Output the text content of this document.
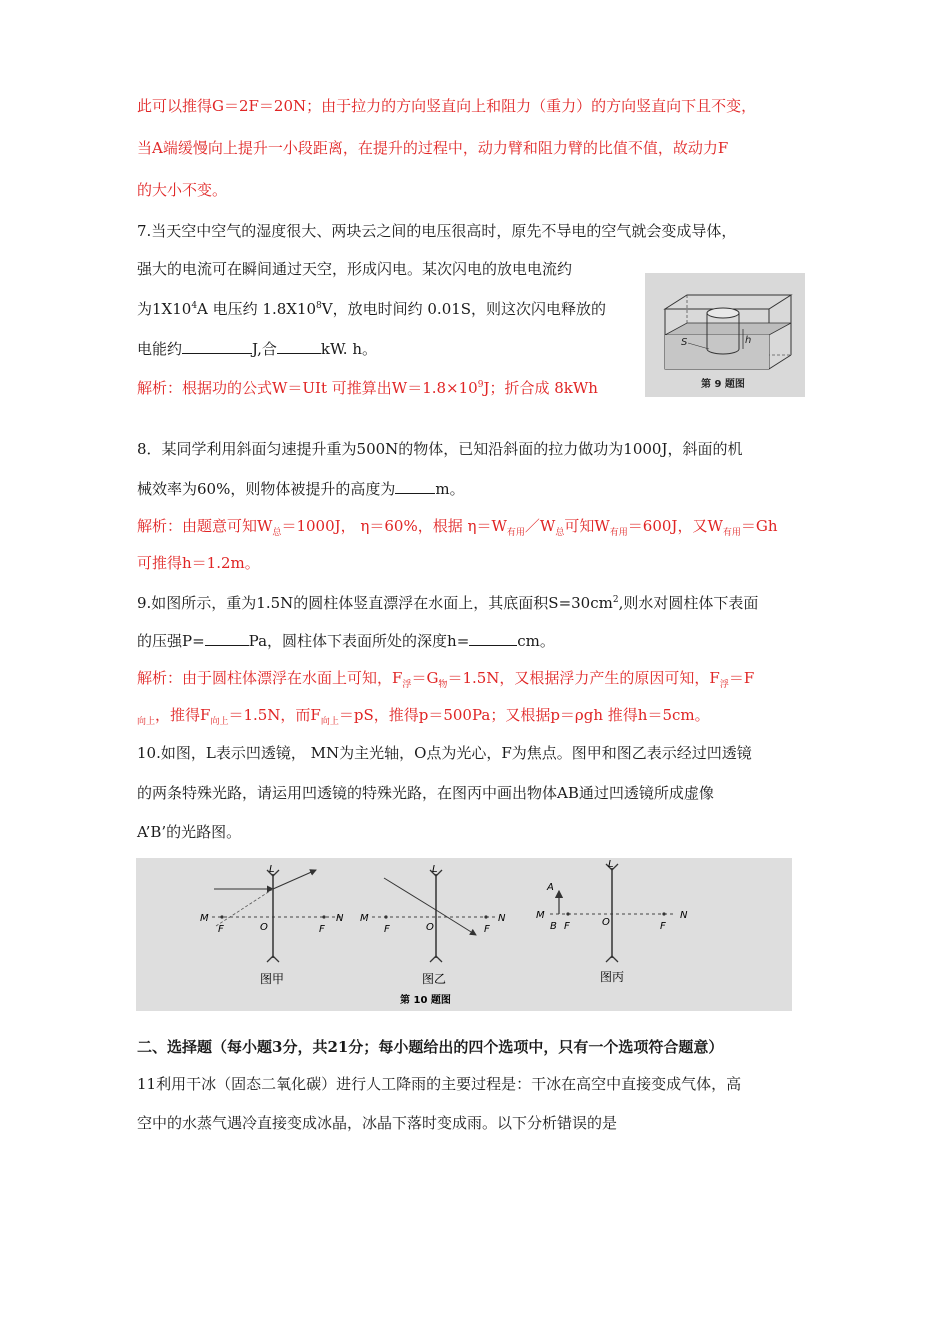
此可以推得G＝2F＝20N；由于拉力的方向竖直向上和阻力（重力）的方向竖直向下且不变，
当A端缓慢向上提升一小段距离，在提升的过程中，动力臂和阻力臂的比值不值，故动力F
的大小不变。
7.当天空中空气的湿度很大、两块云之间的电压很高时，原先不导电的空气就会变成导体，
强大的电流可在瞬间通过天空，形成闪电。某次闪电的放电电流约
为$1X10^4A$ 电压约 $1.8X10^8V$，放电时间约 0.01S，则这次闪电释放的
电能约	J,合	kW. h。
解析：根据功的公式W＝UIt 可推算出$W=1.8\times 10^9J$；折合成 8kWh
h
S
第 9 题图
8．某同学利用斜面匀速提升重为500N的物体，已知沿斜面的拉力做功为1000J，斜面的机
械效率为60%，则物体被提升的高度为	m。
解析：由题意可知$W_总=1000J$， η＝60%，根据 $\eta=W_{有用}/W_总$可知$W_{有用}=600J$，又$W_{有用}=Gh$
可推得h＝1.2m。
9.如图所示，重为1.5N的圆柱体竖直漂浮在水面上，其底面积$S=30cm^2$,则水对圆柱体下表面
的压强P=	Pa，圆柱体下表面所处的深度h=	cm。
解析：由于圆柱体漂浮在水面上可知，$F_浮=G_物=1.5N$，又根据浮力产生的原因可知，$F_浮=F$
$_{向上}$，推得$F_{向上}=1.5N$，而$F_{向上}=pS$，推得p＝500Pa；又根据p＝ρgh 推得h＝5cm。
10.如图，L表示凹透镜， MN为主光轴，O点为光心，F为焦点。图甲和图乙表示经过凹透镜
的两条特殊光路，请运用凹透镜的特殊光路，在图丙中画出物体AB通过凹透镜所成虚像
A’B’的光路图。
L
M	N
F	F
O
图甲
L
M	N
F	F
O
图乙
L
A
M	N
B F	F
O
图丙
第 10 题图
二、选择题（每小题3分，共21分；每小题给出的四个选项中，只有一个选项符合题意）
11利用干冰（固态二氧化碳）进行人工降雨的主要过程是：干冰在高空中直接变成气体，高
空中的水蒸气遇冷直接变成冰晶，冰晶下落时变成雨。以下分析错误的是
